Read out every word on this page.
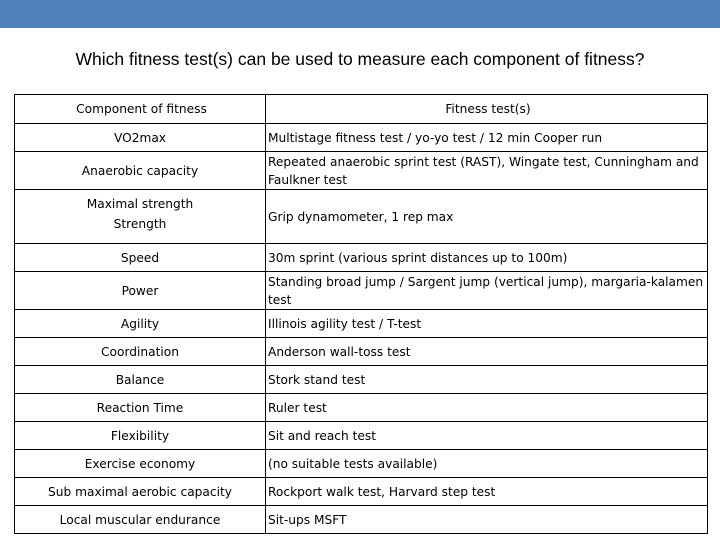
Which fitness test(s) can be used to measure each component of fitness?
Component of fitness	Fitness test(s)
VO2max	Multistage fitness test / yo-yo test / 12 min Cooper run
Anaerobic capacity	Repeated anaerobic sprint test (RAST), Wingate test, Cunningham and Faulkner test

Maximal strength
Strength	Grip dynamometer, 1 rep max
Speed	30m sprint (various sprint distances up to 100m)
Power	Standing broad jump / Sargent jump (vertical jump), margaria-kalamen test
Agility	Illinois agility test / T-test
Coordination	Anderson wall-toss test
Balance	Stork stand test
Reaction Time	Ruler test
Flexibility	Sit and reach test
Exercise economy	(no suitable tests available)
Sub maximal aerobic capacity	Rockport walk test, Harvard step test
Local muscular endurance	Sit-ups MSFT
